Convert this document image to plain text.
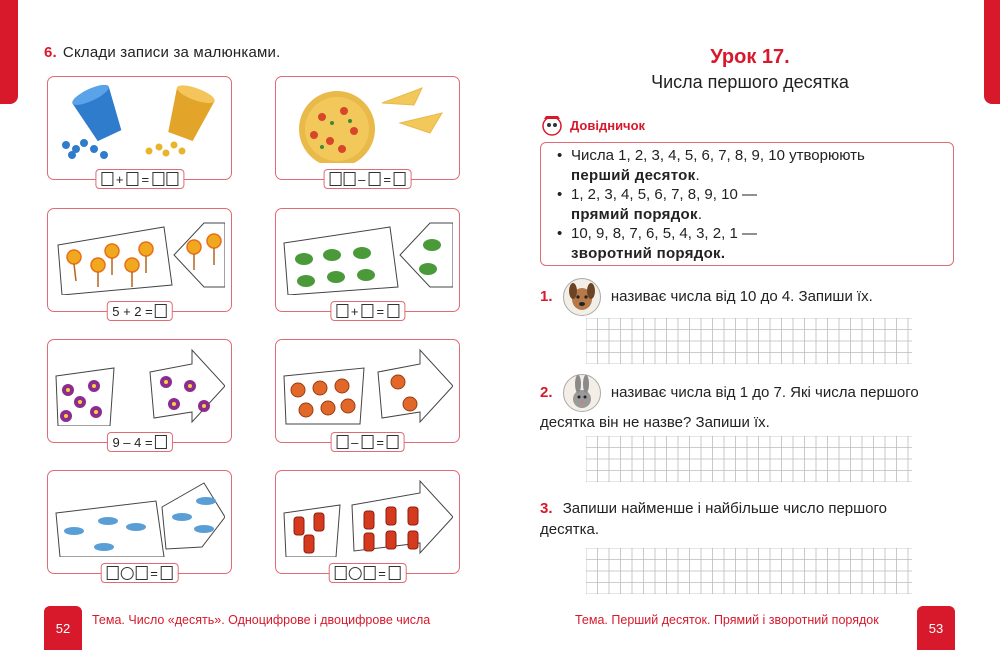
6. Склади записи за малюнками.
+ =	– =
5 + 2 =	+ =
9 – 4 =	– =
=	=
52
Тема. Число «десять». Одноцифрове і двоцифрове числа
Урок 17.
Числа першого десятка
Довідничок
• Числа 1, 2, 3, 4, 5, 6, 7, 8, 9, 10 утворюють
перший десяток.
• 1, 2, 3, 4, 5, 6, 7, 8, 9, 10 —
прямий порядок.
• 10, 9, 8, 7, 6, 5, 4, 3, 2, 1 —
зворотний порядок.
1.	називає числа від 10 до 4. Запиши їх.
2.	називає числа від 1 до 7. Які числа першого
десятка він не назве? Запиши їх.
3. Запиши найменше і найбільше число першого
десятка.
Тема. Перший десяток. Прямий і зворотний порядок
53
